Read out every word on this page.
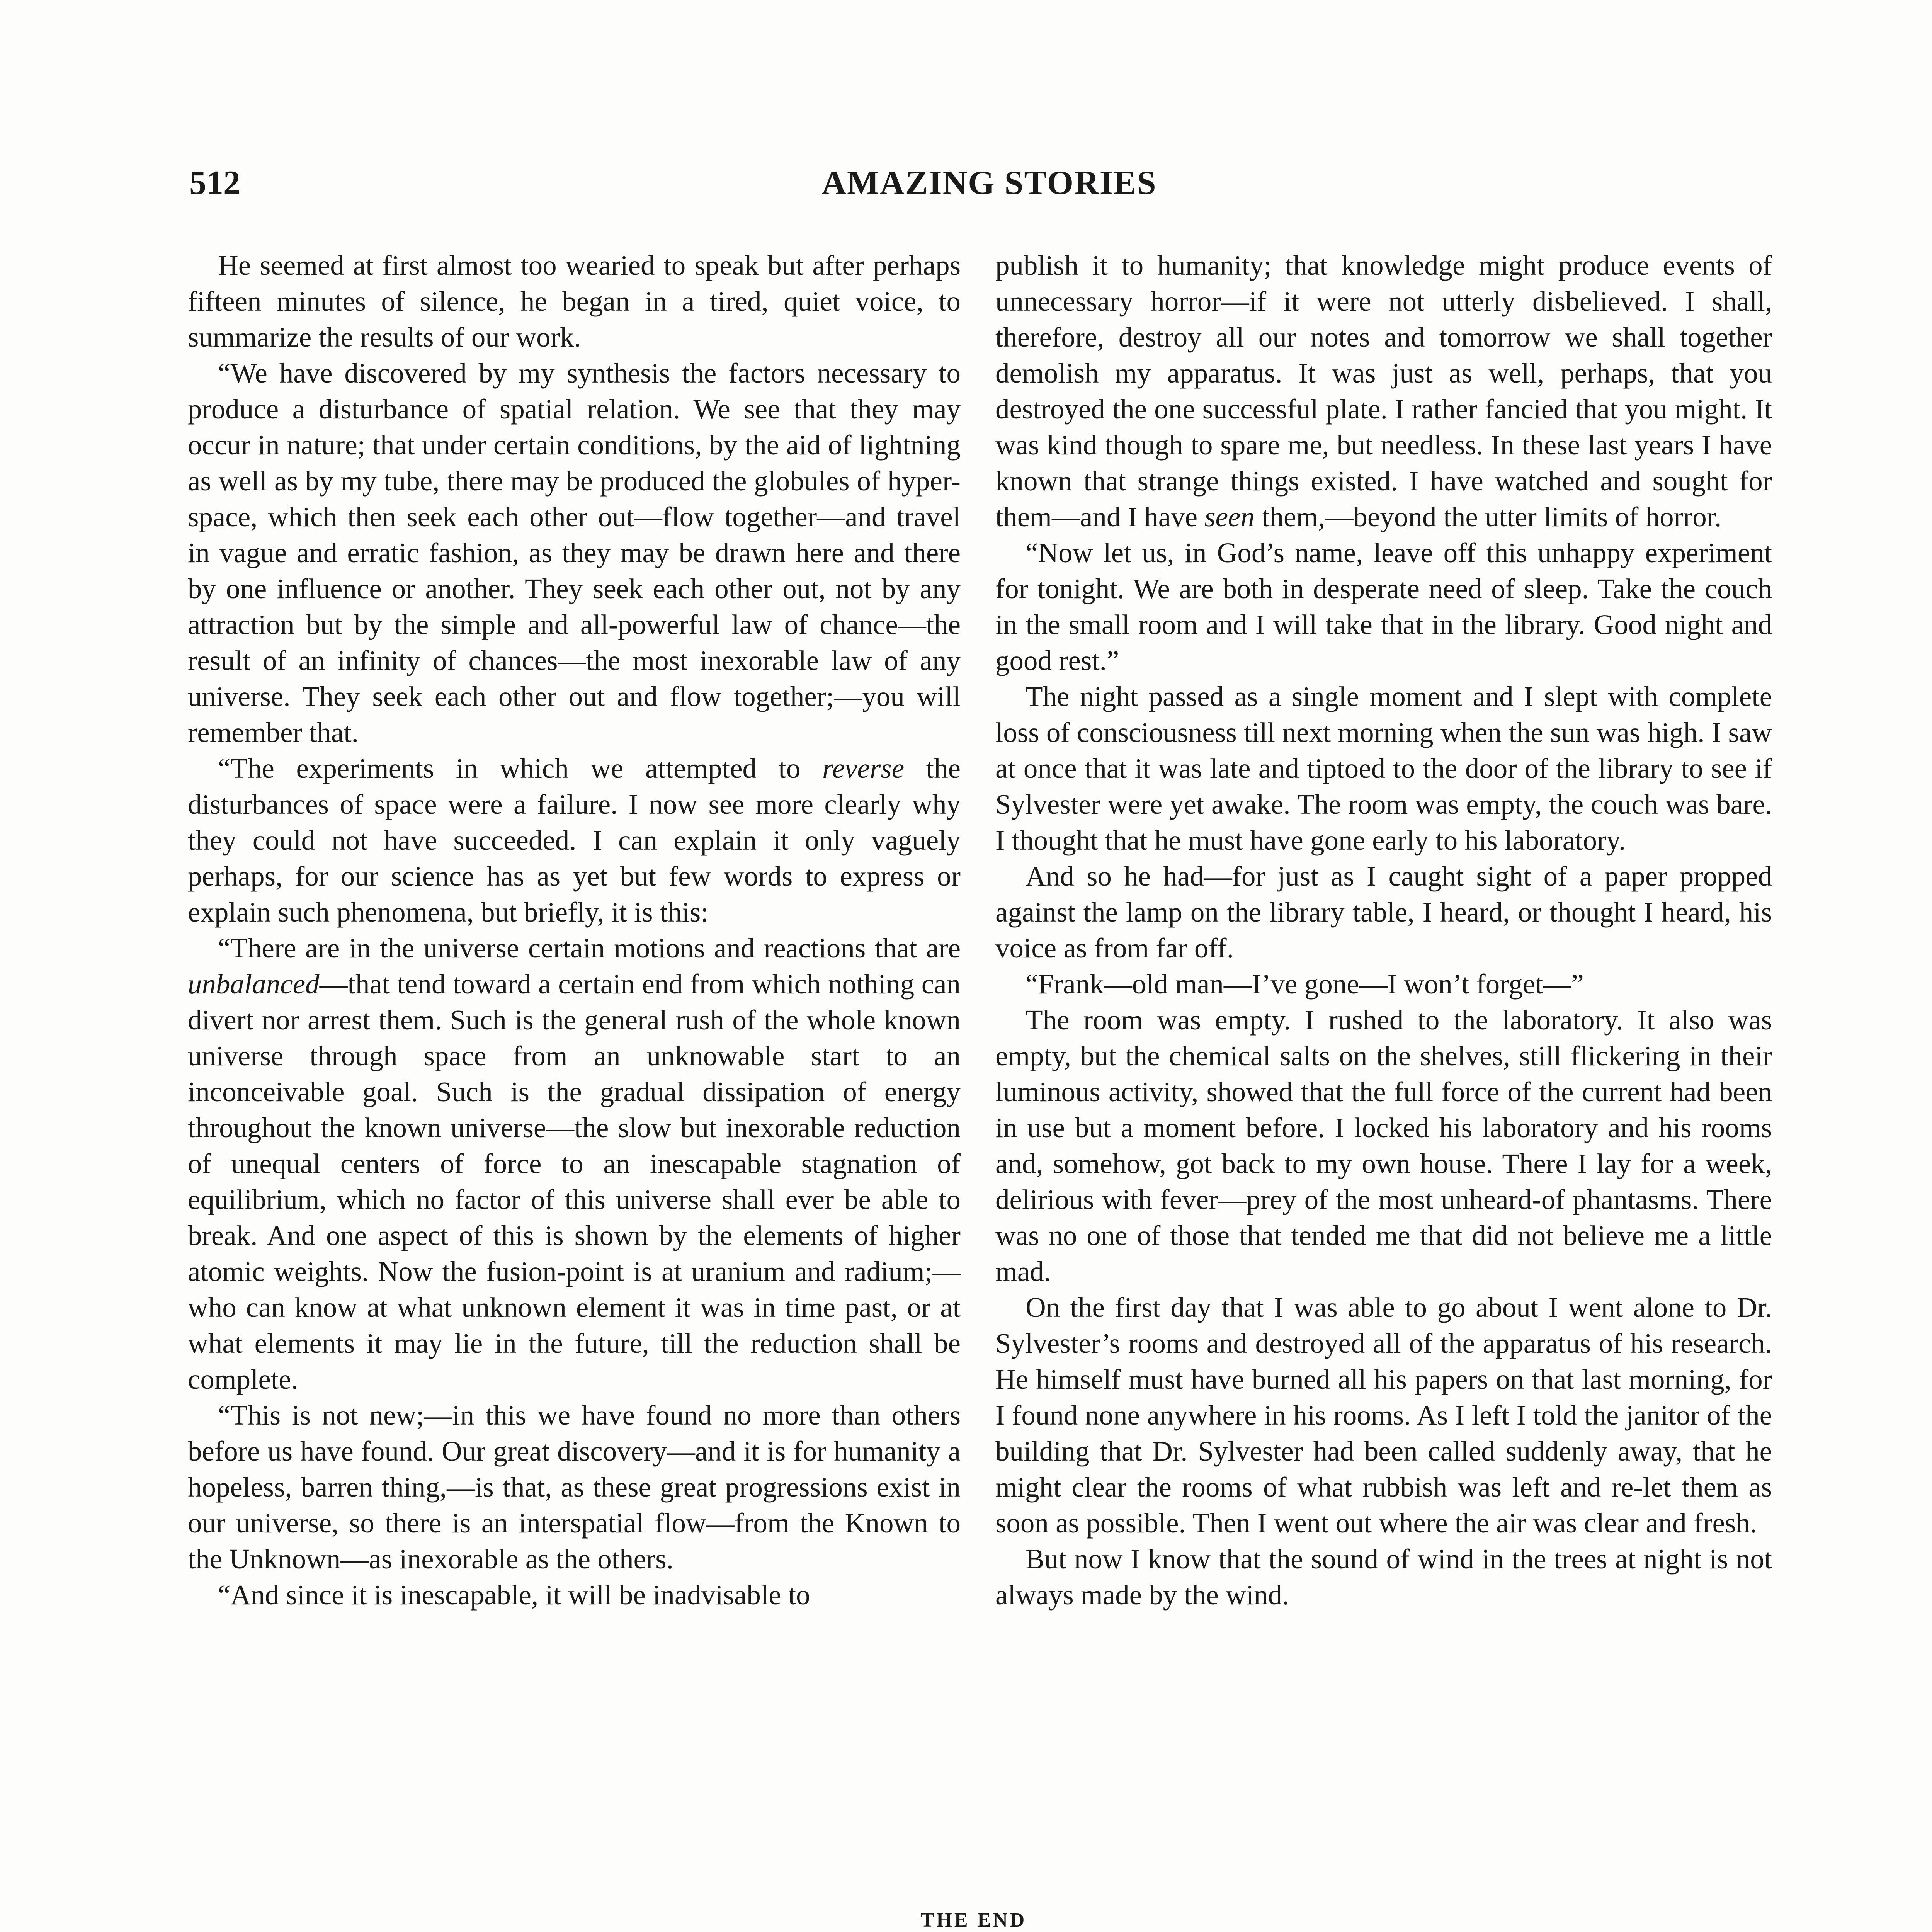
512	AMAZING STORIES

He seemed at first almost too wearied to speak but after perhaps fifteen minutes of silence, he began in a tired, quiet voice, to summarize the results of our work.

“We have discovered by my synthesis the factors necessary to produce a disturbance of spatial relation. We see that they may occur in nature; that under certain conditions, by the aid of lightning as well as by my tube, there may be produced the globules of hyper-space, which then seek each other out—flow together—and travel in vague and erratic fashion, as they may be drawn here and there by one influence or another. They seek each other out, not by any attraction but by the simple and all-powerful law of chance—the result of an infinity of chances—the most inexorable law of any universe. They seek each other out and flow together;—you will remember that.

“The experiments in which we attempted to reverse the disturbances of space were a failure. I now see more clearly why they could not have succeeded. I can explain it only vaguely perhaps, for our science has as yet but few words to express or explain such phenomena, but briefly, it is this:

“There are in the universe certain motions and reactions that are unbalanced—that tend toward a certain end from which nothing can divert nor arrest them. Such is the general rush of the whole known universe through space from an unknowable start to an inconceivable goal. Such is the gradual dissipation of energy throughout the known universe—the slow but inexorable reduction of unequal centers of force to an inescapable stagnation of equilibrium, which no factor of this universe shall ever be able to break. And one aspect of this is shown by the elements of higher atomic weights. Now the fusion-point is at uranium and radium;—who can know at what unknown element it was in time past, or at what elements it may lie in the future, till the reduction shall be complete.

“This is not new;—in this we have found no more than others before us have found. Our great discovery—and it is for humanity a hopeless, barren thing,—is that, as these great progressions exist in our universe, so there is an interspatial flow—from the Known to the Unknown—as inexorable as the others.

“And since it is inescapable, it will be inadvisable to

publish it to humanity; that knowledge might produce events of unnecessary horror—if it were not utterly disbelieved. I shall, therefore, destroy all our notes and tomorrow we shall together demolish my apparatus. It was just as well, perhaps, that you destroyed the one successful plate. I rather fancied that you might. It was kind though to spare me, but needless. In these last years I have known that strange things existed. I have watched and sought for them—and I have seen them,—beyond the utter limits of horror.

“Now let us, in God’s name, leave off this unhappy experiment for tonight. We are both in desperate need of sleep. Take the couch in the small room and I will take that in the library. Good night and good rest.”

The night passed as a single moment and I slept with complete loss of consciousness till next morning when the sun was high. I saw at once that it was late and tiptoed to the door of the library to see if Sylvester were yet awake. The room was empty, the couch was bare. I thought that he must have gone early to his laboratory.

And so he had—for just as I caught sight of a paper propped against the lamp on the library table, I heard, or thought I heard, his voice as from far off.

“Frank—old man—I’ve gone—I won’t forget—”

The room was empty. I rushed to the laboratory. It also was empty, but the chemical salts on the shelves, still flickering in their luminous activity, showed that the full force of the current had been in use but a moment before. I locked his laboratory and his rooms and, somehow, got back to my own house. There I lay for a week, delirious with fever—prey of the most unheard-of phantasms. There was no one of those that tended me that did not believe me a little mad.

On the first day that I was able to go about I went alone to Dr. Sylvester’s rooms and destroyed all of the apparatus of his research. He himself must have burned all his papers on that last morning, for I found none anywhere in his rooms. As I left I told the janitor of the building that Dr. Sylvester had been called suddenly away, that he might clear the rooms of what rubbish was left and re-let them as soon as possible. Then I went out where the air was clear and fresh.

But now I know that the sound of wind in the trees at night is not always made by the wind.

THE END
